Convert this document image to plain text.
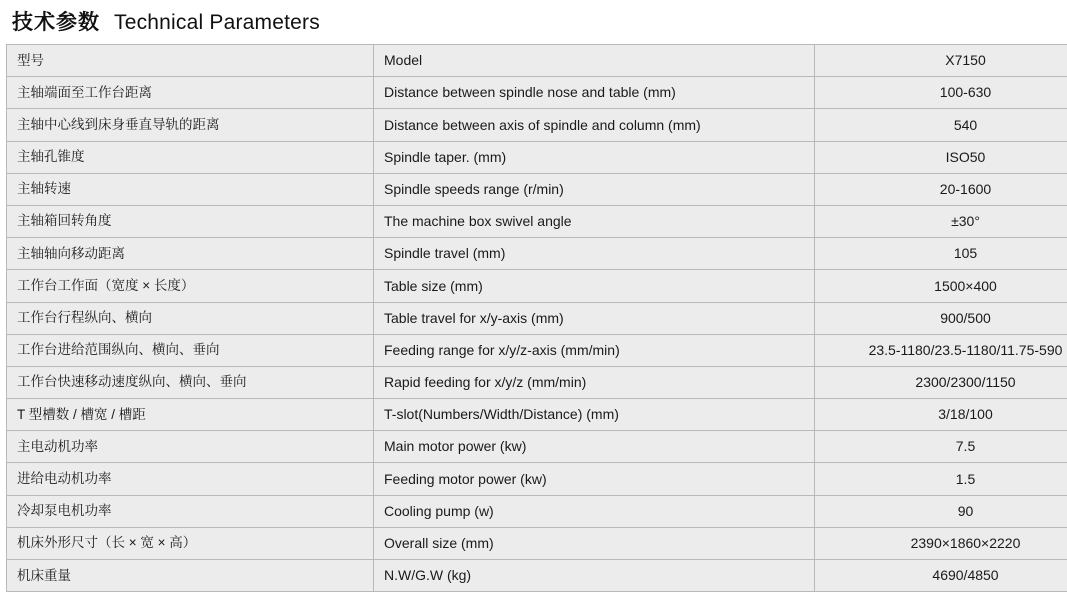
技术参数 Technical Parameters
型号	Model	X7150
主轴端面至工作台距离	Distance between spindle nose and table (mm)	100-630
主轴中心线到床身垂直导轨的距离	Distance between axis of spindle and column (mm)	540
主轴孔锥度	Spindle taper. (mm)	ISO50
主轴转速	Spindle speeds range (r/min)	20-1600
主轴箱回转角度	The machine box swivel angle	±30°
主轴轴向移动距离	Spindle travel (mm)	105
工作台工作面（宽度 × 长度）	Table size (mm)	1500×400
工作台行程纵向、横向	Table travel for x/y-axis (mm)	900/500
工作台进给范围纵向、横向、垂向	Feeding range for x/y/z-axis (mm/min)	23.5-1180/23.5-1180/11.75-590
工作台快速移动速度纵向、横向、垂向	Rapid feeding for x/y/z (mm/min)	2300/2300/1150
T 型槽数 / 槽宽 / 槽距	T-slot(Numbers/Width/Distance) (mm)	3/18/100
主电动机功率	Main motor power (kw)	7.5
进给电动机功率	Feeding motor power (kw)	1.5
冷却泵电机功率	Cooling pump (w)	90
机床外形尺寸（长 × 宽 × 高）	Overall size (mm)	2390×1860×2220
机床重量	N.W/G.W (kg)	4690/4850
